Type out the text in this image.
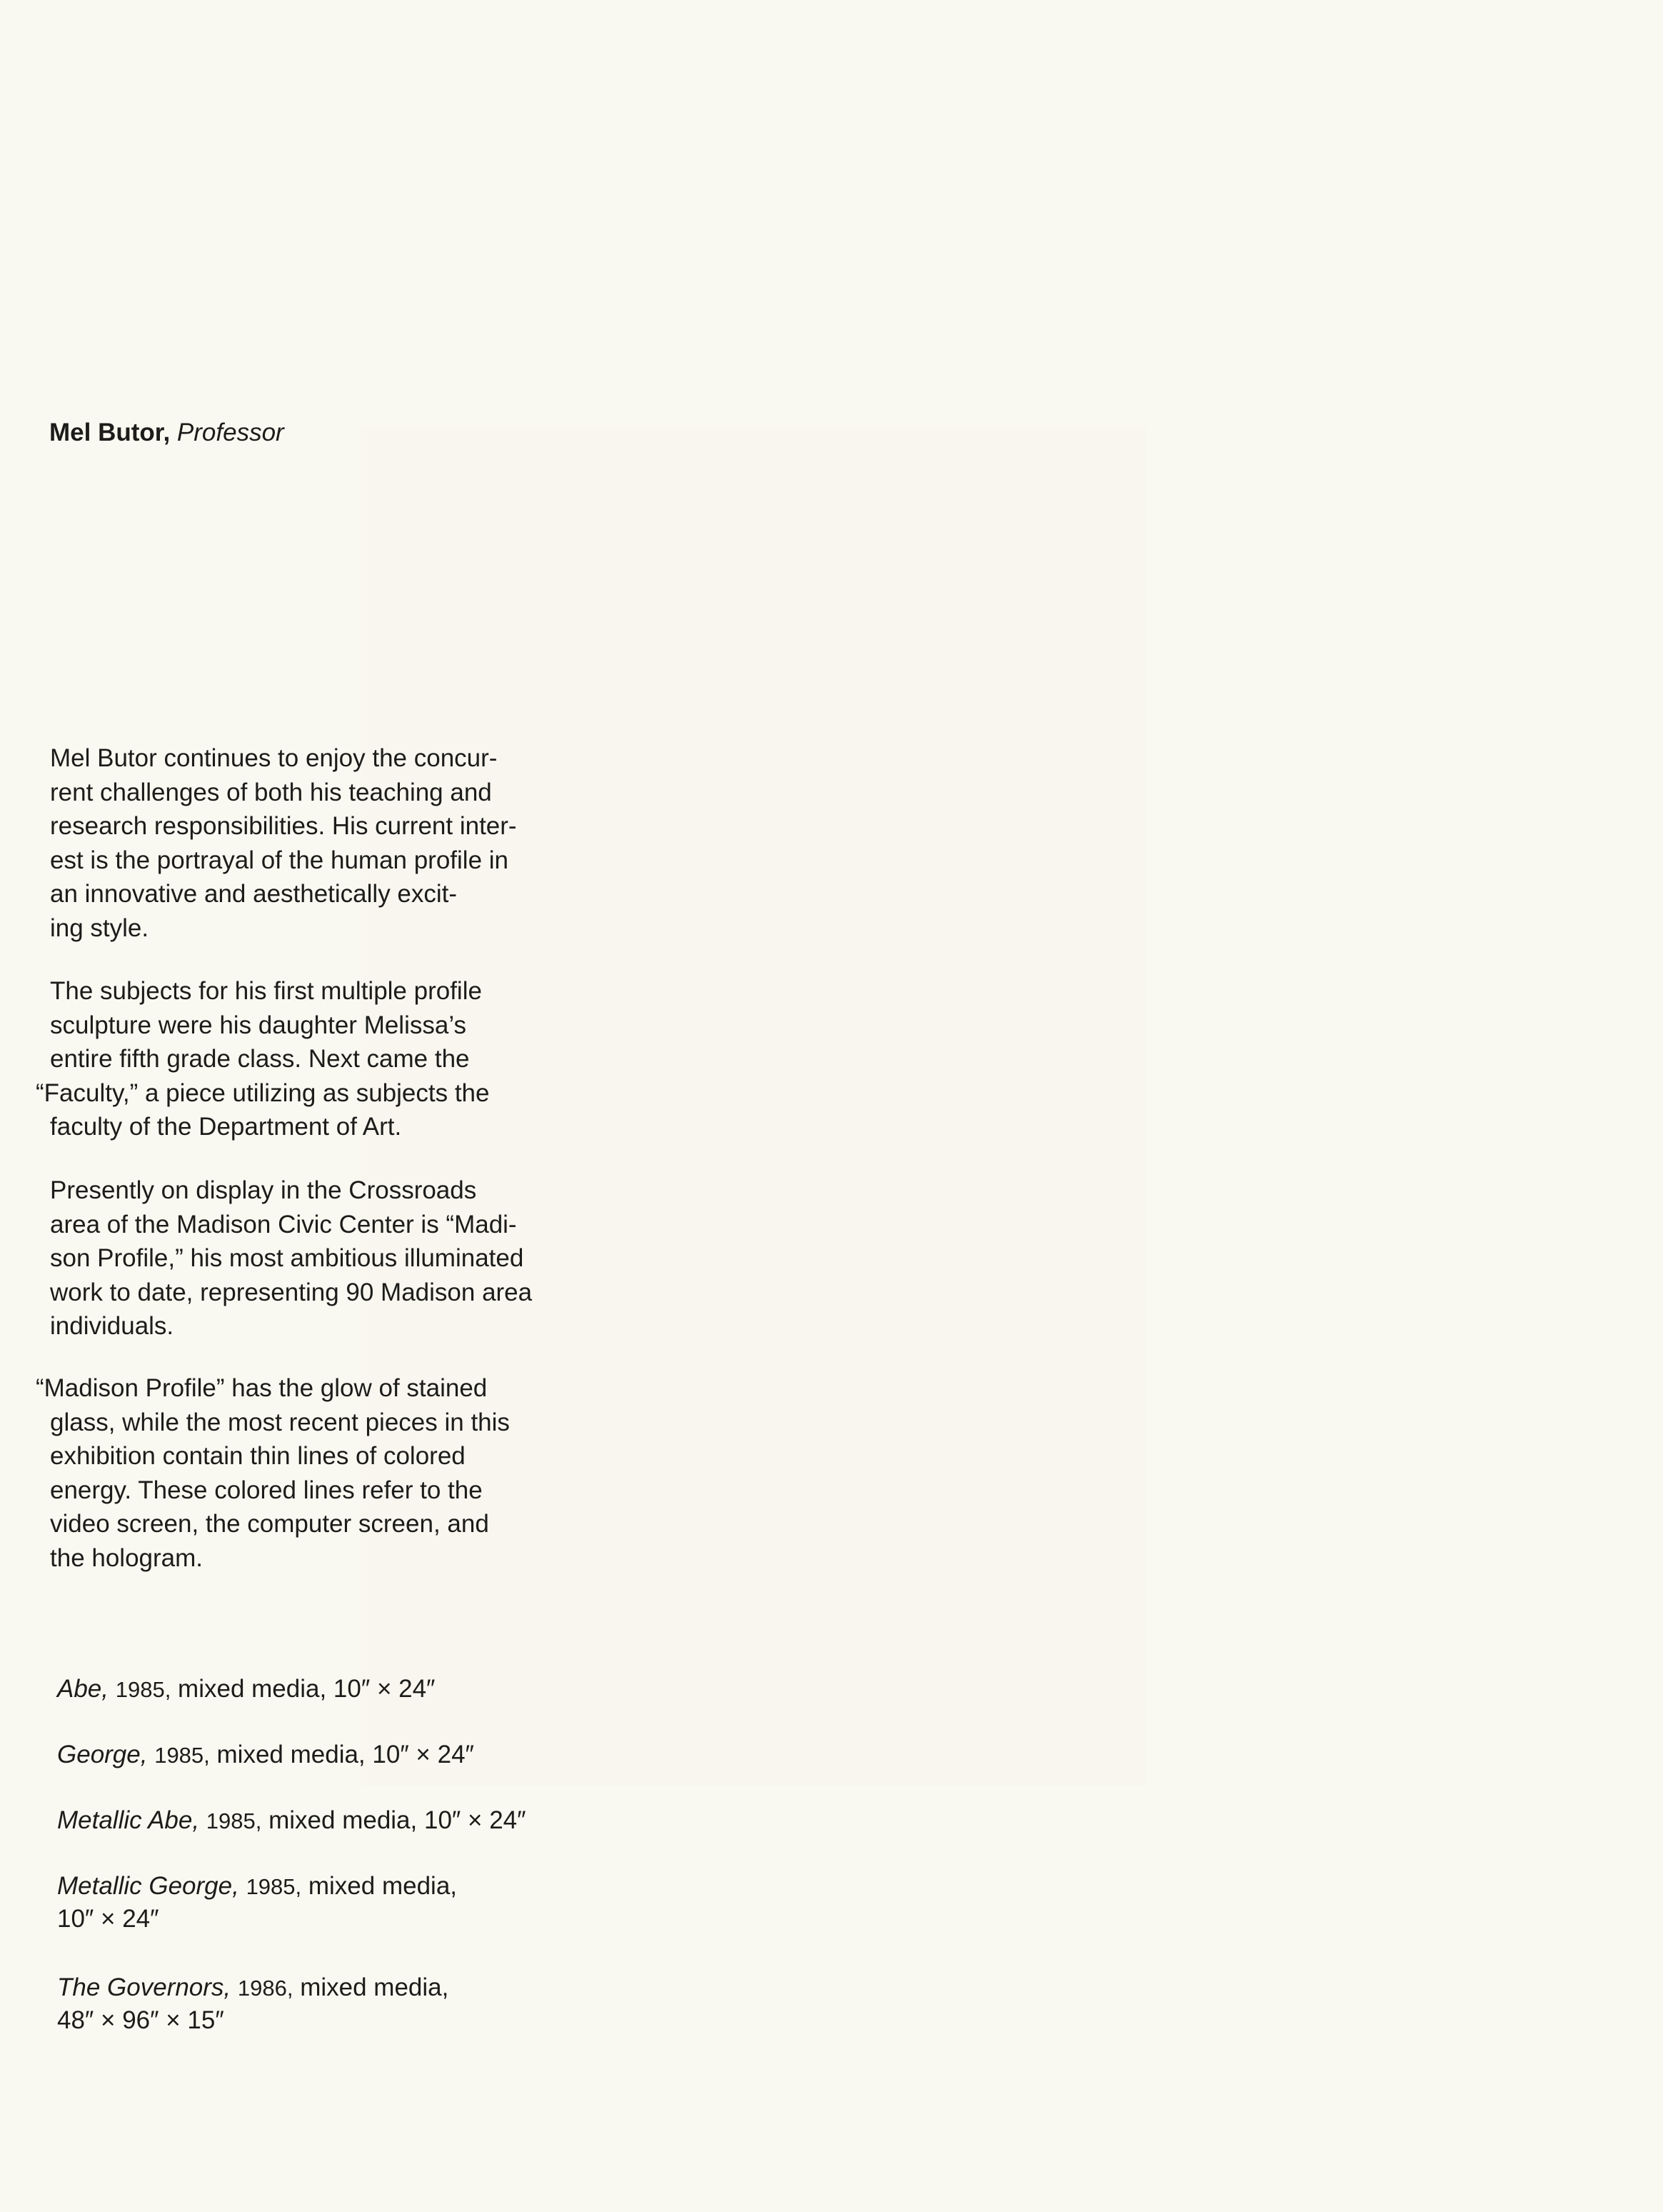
Mel Butor, Professor
Mel Butor continues to enjoy the concur-
rent challenges of both his teaching and
research responsibilities. His current inter-
est is the portrayal of the human profile in
an innovative and aesthetically excit-
ing style.
The subjects for his first multiple profile
sculpture were his daughter Melissa’s
entire fifth grade class. Next came the
“Faculty,” a piece utilizing as subjects the
faculty of the Department of Art.
Presently on display in the Crossroads
area of the Madison Civic Center is “Madi-
son Profile,” his most ambitious illuminated
work to date, representing 90 Madison area
individuals.
“Madison Profile” has the glow of stained
glass, while the most recent pieces in this
exhibition contain thin lines of colored
energy. These colored lines refer to the
video screen, the computer screen, and
the hologram.
Abe, 1985, mixed media, 10″ × 24″
George, 1985, mixed media, 10″ × 24″
Metallic Abe, 1985, mixed media, 10″ × 24″
Metallic George, 1985, mixed media,
10″ × 24″
The Governors, 1986, mixed media,
48″ × 96″ × 15″
